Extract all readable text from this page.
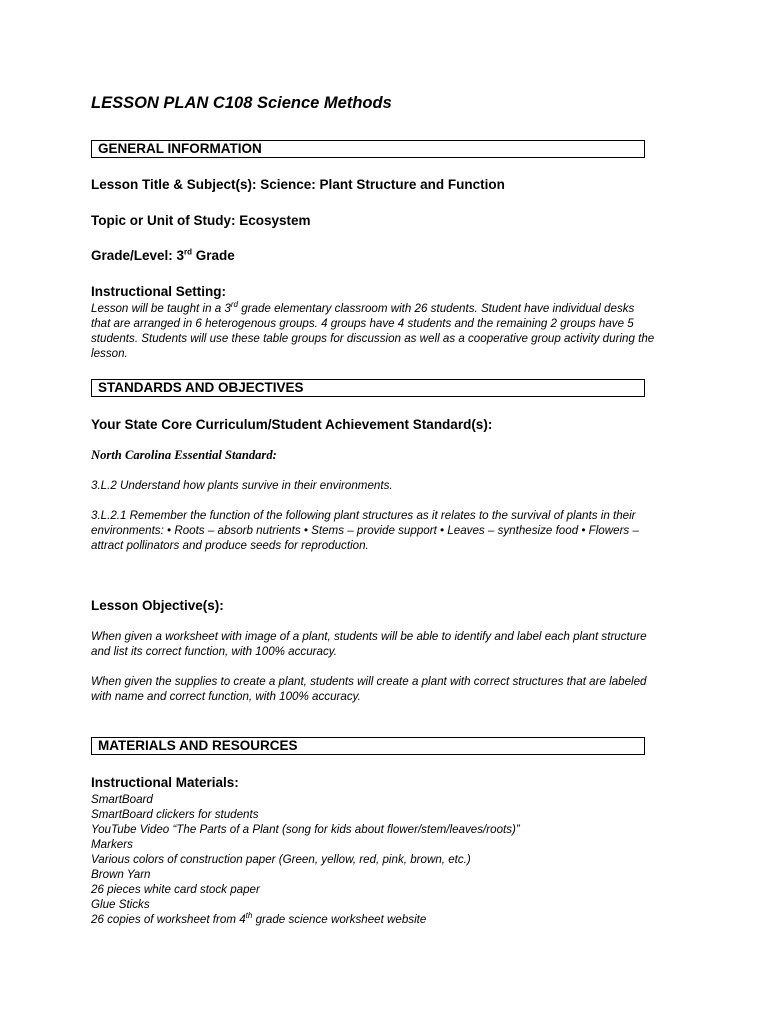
LESSON PLAN C108 Science Methods
GENERAL INFORMATION
Lesson Title & Subject(s): Science: Plant Structure and Function
Topic or Unit of Study: Ecosystem
Grade/Level: 3rd Grade
Instructional Setting:
Lesson will be taught in a 3rd grade elementary classroom with 26 students. Student have individual desks that are arranged in 6 heterogenous groups. 4 groups have 4 students and the remaining 2 groups have 5 students. Students will use these table groups for discussion as well as a cooperative group activity during the lesson.
STANDARDS AND OBJECTIVES
Your State Core Curriculum/Student Achievement Standard(s):
North Carolina Essential Standard:
3.L.2 Understand how plants survive in their environments.
3.L.2.1 Remember the function of the following plant structures as it relates to the survival of plants in their environments: • Roots – absorb nutrients • Stems – provide support • Leaves – synthesize food • Flowers – attract pollinators and produce seeds for reproduction.
Lesson Objective(s):
When given a worksheet with image of a plant, students will be able to identify and label each plant structure and list its correct function, with 100% accuracy.
When given the supplies to create a plant, students will create a plant with correct structures that are labeled with name and correct function, with 100% accuracy.
MATERIALS AND RESOURCES
Instructional Materials:
SmartBoard
SmartBoard clickers for students
YouTube Video “The Parts of a Plant (song for kids about flower/stem/leaves/roots)”
Markers
Various colors of construction paper (Green, yellow, red, pink, brown, etc.)
Brown Yarn
26 pieces white card stock paper
Glue Sticks
26 copies of worksheet from 4th grade science worksheet website
